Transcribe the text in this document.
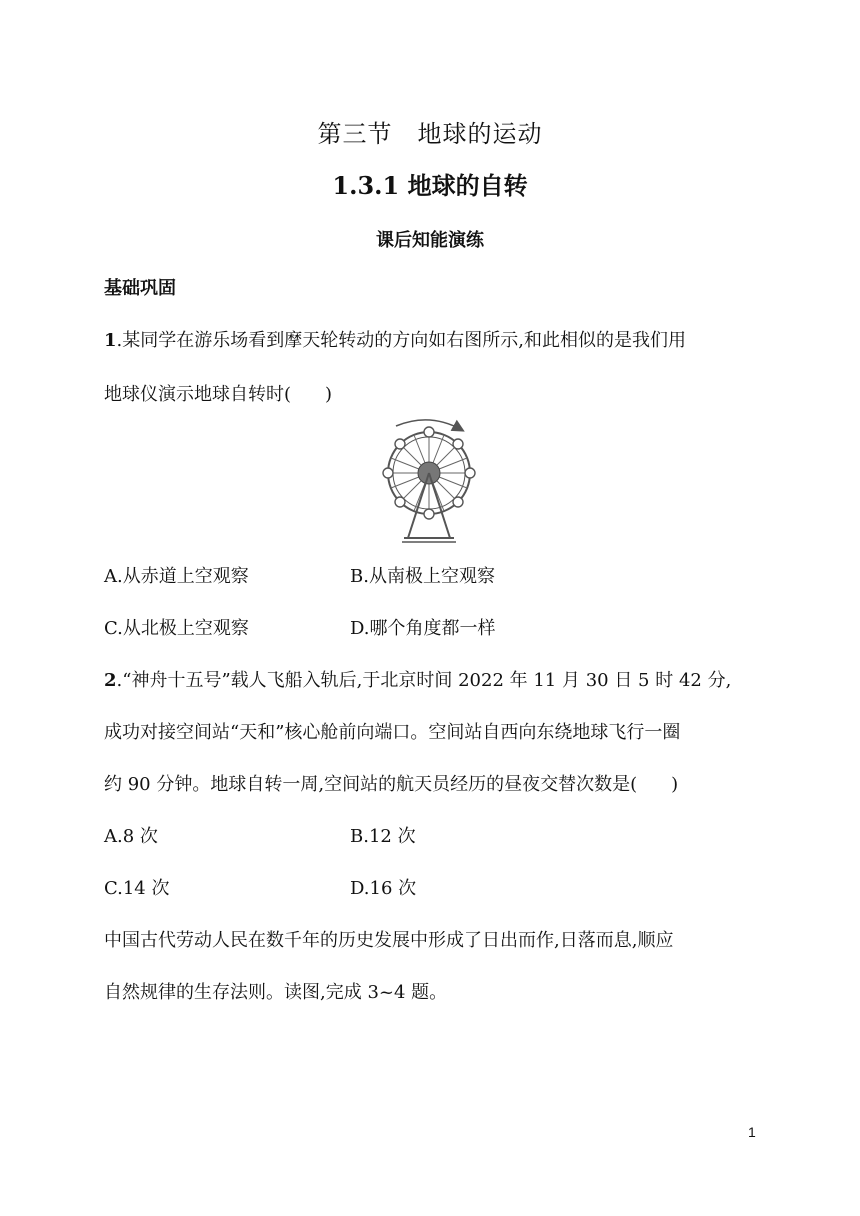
第三节　地球的运动
1.3.1 地球的自转
课后知能演练
基础巩固
1.某同学在游乐场看到摩天轮转动的方向如右图所示,和此相似的是我们用
地球仪演示地球自转时( )
A.从赤道上空观察	B.从南极上空观察
C.从北极上空观察	D.哪个角度都一样
2.“神舟十五号”载人飞船入轨后,于北京时间 2022 年 11 月 30 日 5 时 42 分,
成功对接空间站“天和”核心舱前向端口。空间站自西向东绕地球飞行一圈
约 90 分钟。地球自转一周,空间站的航天员经历的昼夜交替次数是( )
A.8 次	B.12 次
C.14 次	D.16 次
中国古代劳动人民在数千年的历史发展中形成了日出而作,日落而息,顺应
自然规律的生存法则。读图,完成 3~4 题。
1
